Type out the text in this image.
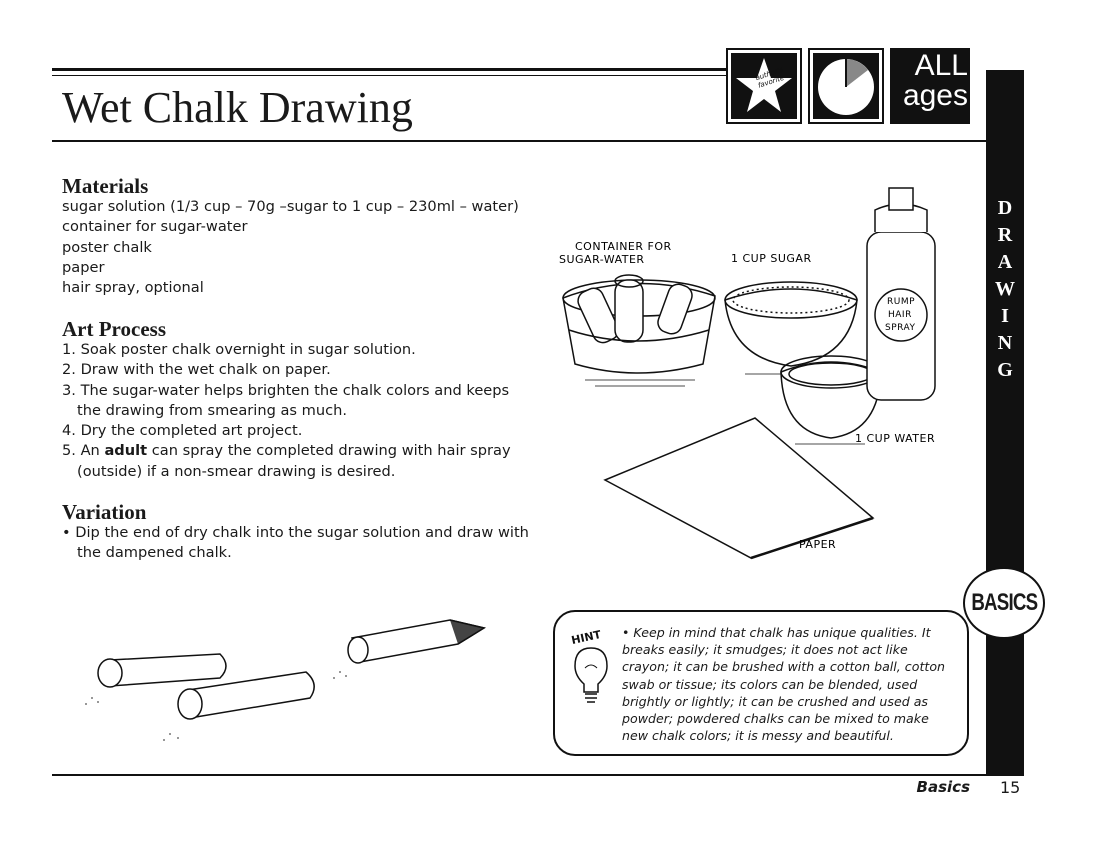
author's favorite	ALL
ages
Wet Chalk Drawing
Materials
sugar solution (1/3 cup – 70g –sugar to 1 cup – 230ml – water)
container for sugar-water
poster chalk
paper
hair spray, optional
Art Process
1. Soak poster chalk overnight in sugar solution.
2. Draw with the wet chalk on paper.
3. The sugar-water helps brighten the chalk colors and keeps the drawing from smearing as much.
4. Dry the completed art project.
5. An adult can spray the completed drawing with hair spray (outside) if a non-smear drawing is desired.
Variation
• Dip the end of dry chalk into the sugar solution and draw with the dampened chalk.
CONTAINER FOR
SUGAR-WATER	1 CUP SUGAR
1 CUP WATER
PAPER
RUMP
HAIR
SPRAY
D
R
A
W
I
N
G
BASICS
HINT • Keep in mind that chalk has unique qualities. It breaks easily; it smudges; it does not act like crayon; it can be brushed with a cotton ball, cotton swab or tissue; its colors can be blended, used brightly or lightly; it can be crushed and used as powder; powdered chalks can be mixed to make new chalk colors; it is messy and beautiful.

Basics 15
